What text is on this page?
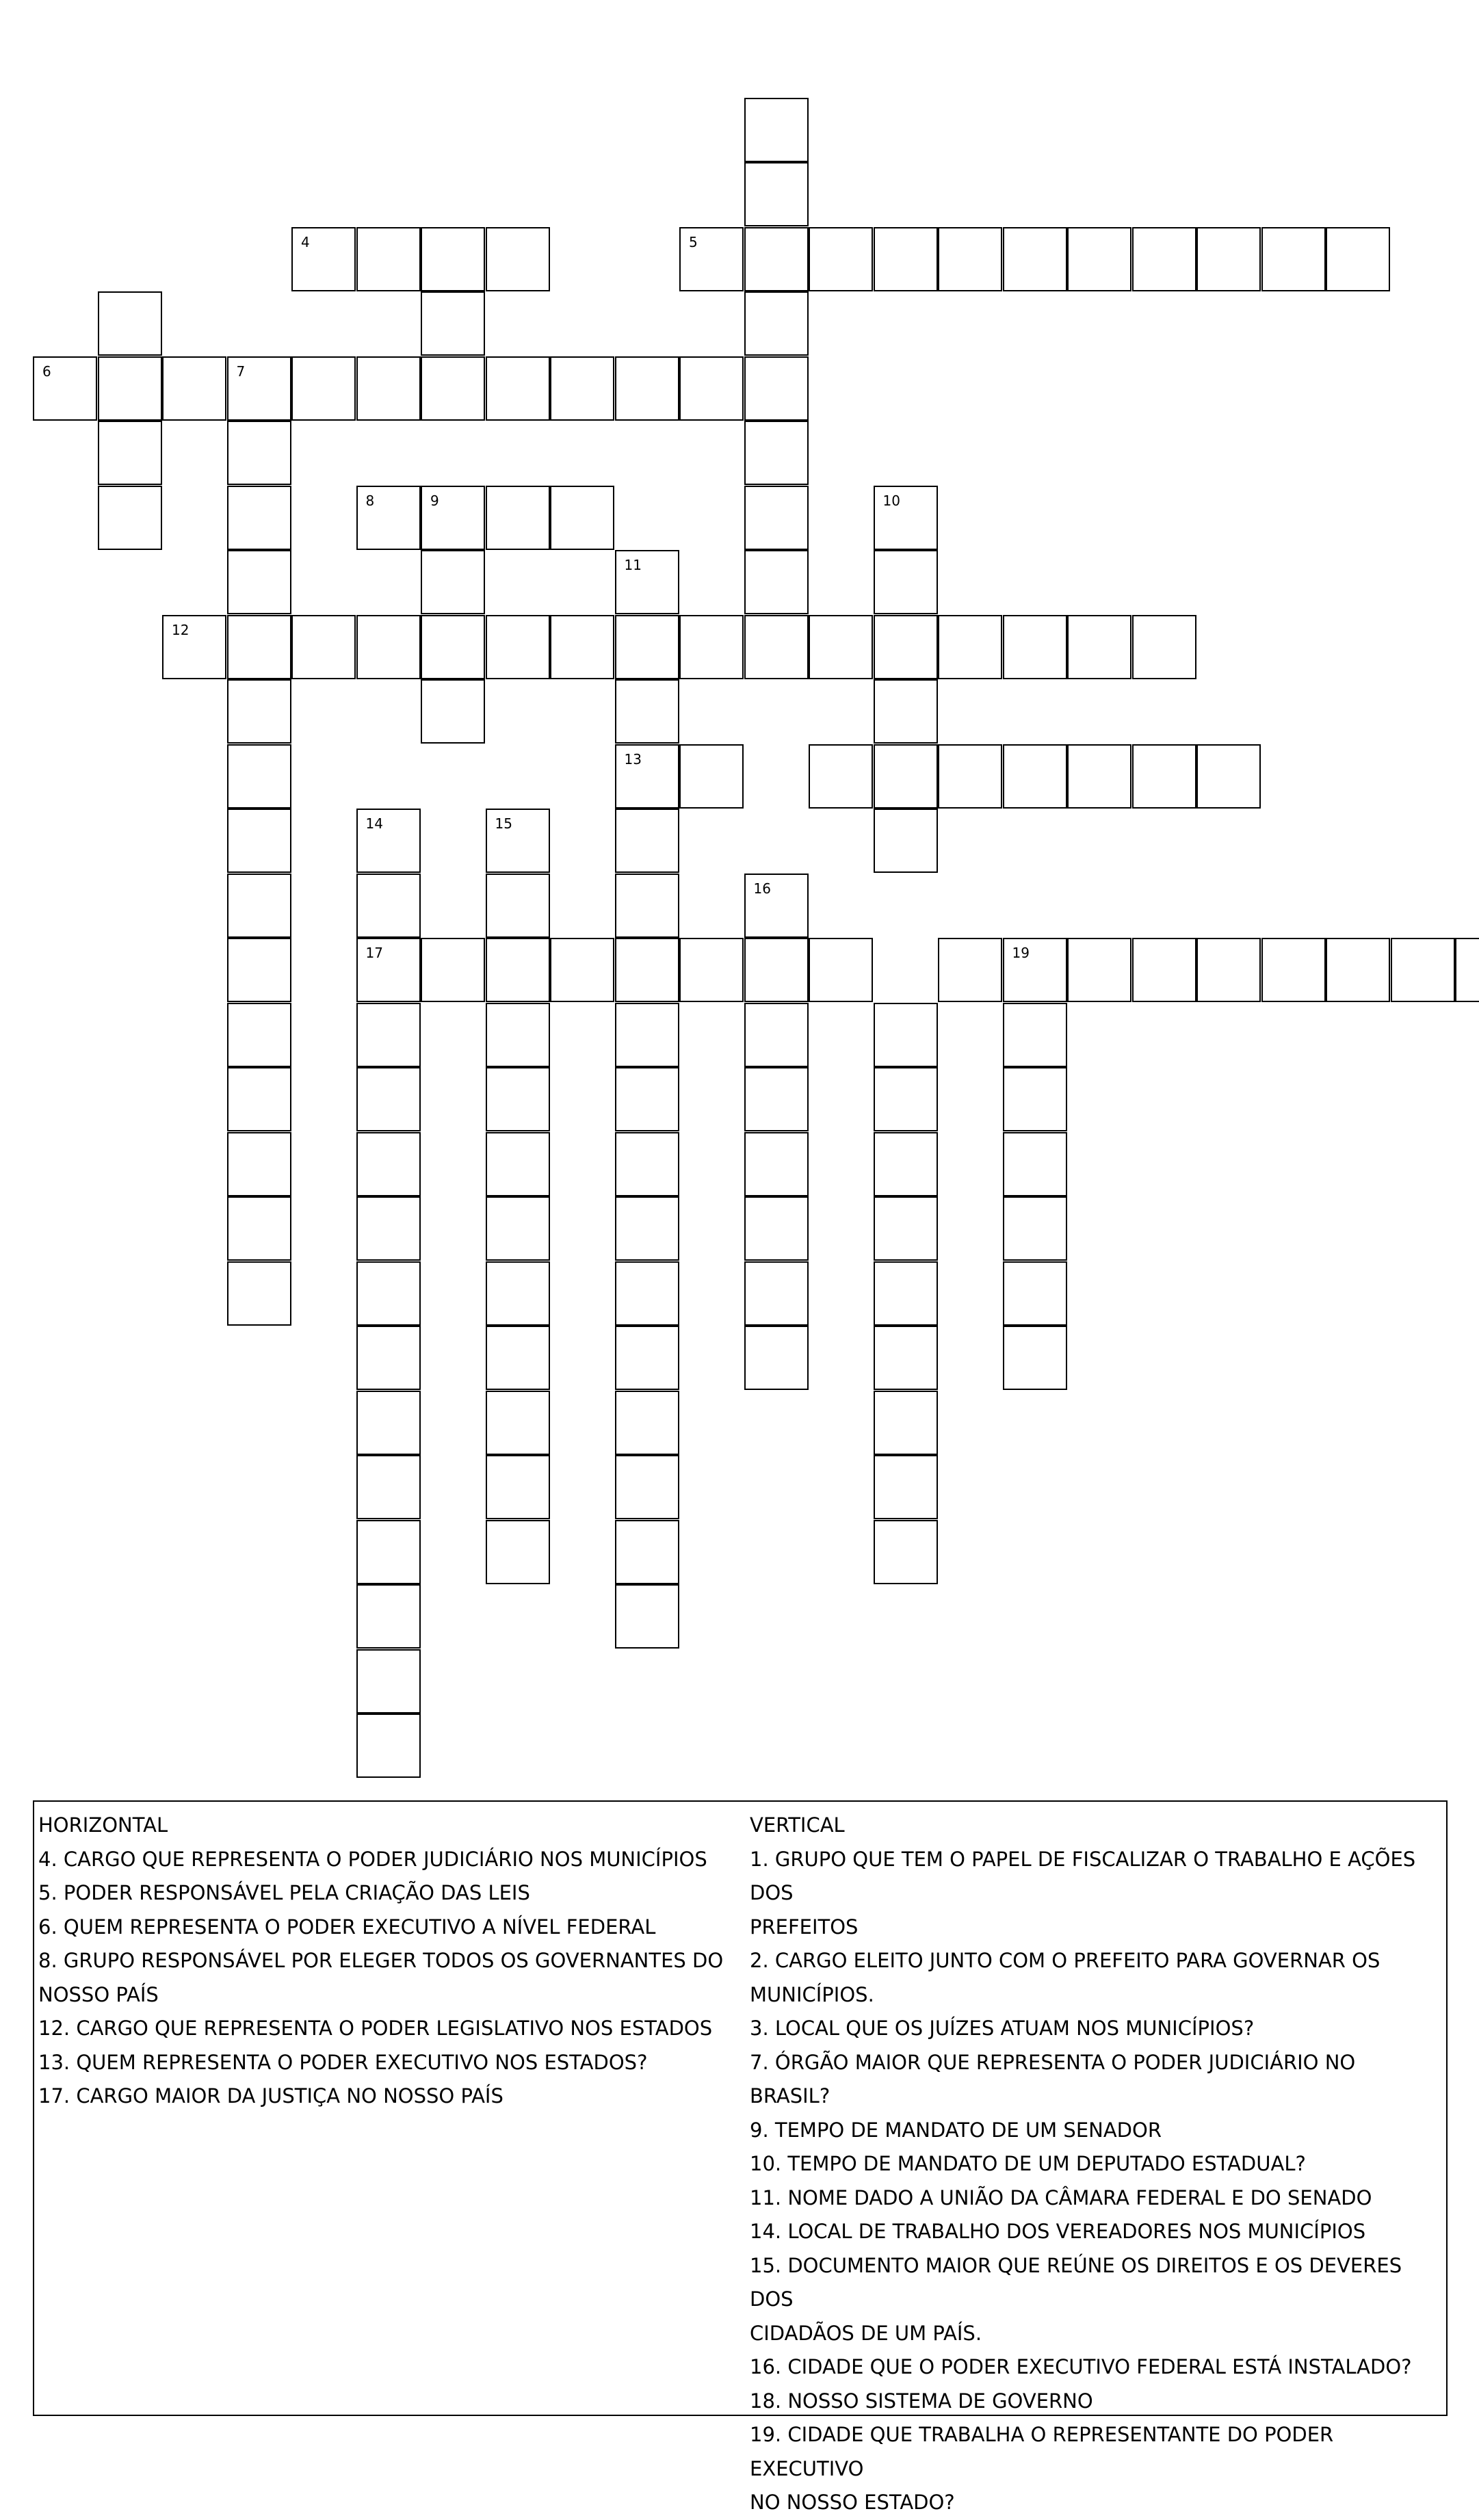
4	5
6	7
8	9
11
13
10
12
14
17
15
16
19

HORIZONTAL

4. CARGO QUE REPRESENTA O PODER JUDICIÁRIO NOS MUNICÍPIOS

5. PODER RESPONSÁVEL PELA CRIAÇÃO DAS LEIS

6. QUEM REPRESENTA O PODER EXECUTIVO A NÍVEL FEDERAL

8. GRUPO RESPONSÁVEL POR ELEGER TODOS OS GOVERNANTES DO

NOSSO PAÍS

12. CARGO QUE REPRESENTA O PODER LEGISLATIVO NOS ESTADOS

13. QUEM REPRESENTA O PODER EXECUTIVO NOS ESTADOS?

17. CARGO MAIOR DA JUSTIÇA NO NOSSO PAÍS

VERTICAL

1. GRUPO QUE TEM O PAPEL DE FISCALIZAR O TRABALHO E AÇÕES DOS

PREFEITOS

2. CARGO ELEITO JUNTO COM O PREFEITO PARA GOVERNAR OS

MUNICÍPIOS.

3. LOCAL QUE OS JUÍZES ATUAM NOS MUNICÍPIOS?

7. ÓRGÃO MAIOR QUE REPRESENTA O PODER JUDICIÁRIO NO BRASIL?

9. TEMPO DE MANDATO DE UM SENADOR

10. TEMPO DE MANDATO DE UM DEPUTADO ESTADUAL?

11. NOME DADO A UNIÃO DA CÂMARA FEDERAL E DO SENADO

14. LOCAL DE TRABALHO DOS VEREADORES NOS MUNICÍPIOS

15. DOCUMENTO MAIOR QUE REÚNE OS DIREITOS E OS DEVERES DOS

CIDADÃOS DE UM PAÍS.

16. CIDADE QUE O PODER EXECUTIVO FEDERAL ESTÁ INSTALADO?

18. NOSSO SISTEMA DE GOVERNO

19. CIDADE QUE TRABALHA O REPRESENTANTE DO PODER EXECUTIVO

NO NOSSO ESTADO?
